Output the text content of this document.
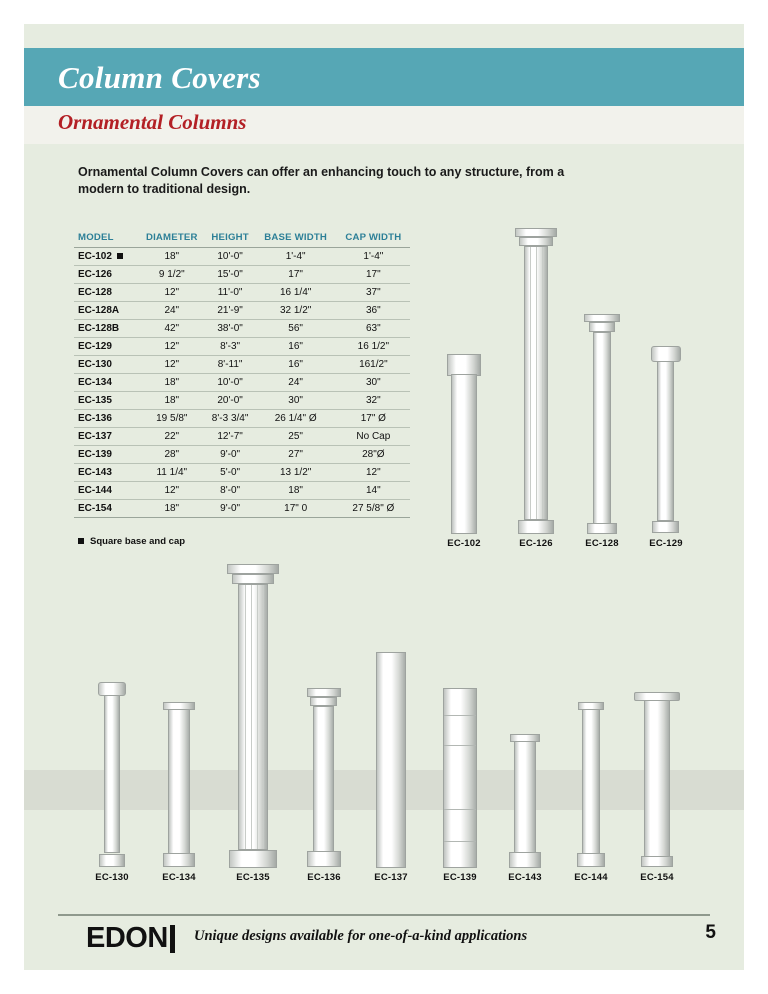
Column Covers
Ornamental Columns
Ornamental Column Covers can offer an enhancing touch to any structure, from a modern to traditional design.
MODEL	DIAMETER	HEIGHT	BASE WIDTH	CAP WIDTH
EC-102	18"	10'-0"	1'-4"	1'-4"
EC-126	9 1/2"	15'-0"	17"	17"
EC-128	12"	11'-0"	16 1/4"	37"
EC-128A	24"	21'-9"	32 1/2"	36"
EC-128B	42"	38'-0"	56"	63"
EC-129	12"	8'-3"	16"	16 1/2"
EC-130	12"	8'-11"	16"	161/2"
EC-134	18"	10'-0"	24"	30"
EC-135	18"	20'-0"	30"	32"
EC-136	19 5/8"	8'-3 3/4"	26 1/4" Ø	17" Ø
EC-137	22"	12'-7"	25"	No Cap
EC-139	28"	9'-0"	27"	28"Ø
EC-143	11 1/4"	5'-0"	13 1/2"	12"
EC-144	12"	8'-0"	18"	14"
EC-154	18"	9'-0"	17" 0	27 5/8" Ø
Square base and cap	EC-102	EC-126	EC-128	EC-129
EC-130	EC-134	EC-135	EC-136	EC-137	EC-139	EC-143	EC-144	EC-154
EDON Unique designs available for one-of-a-kind applications	5
